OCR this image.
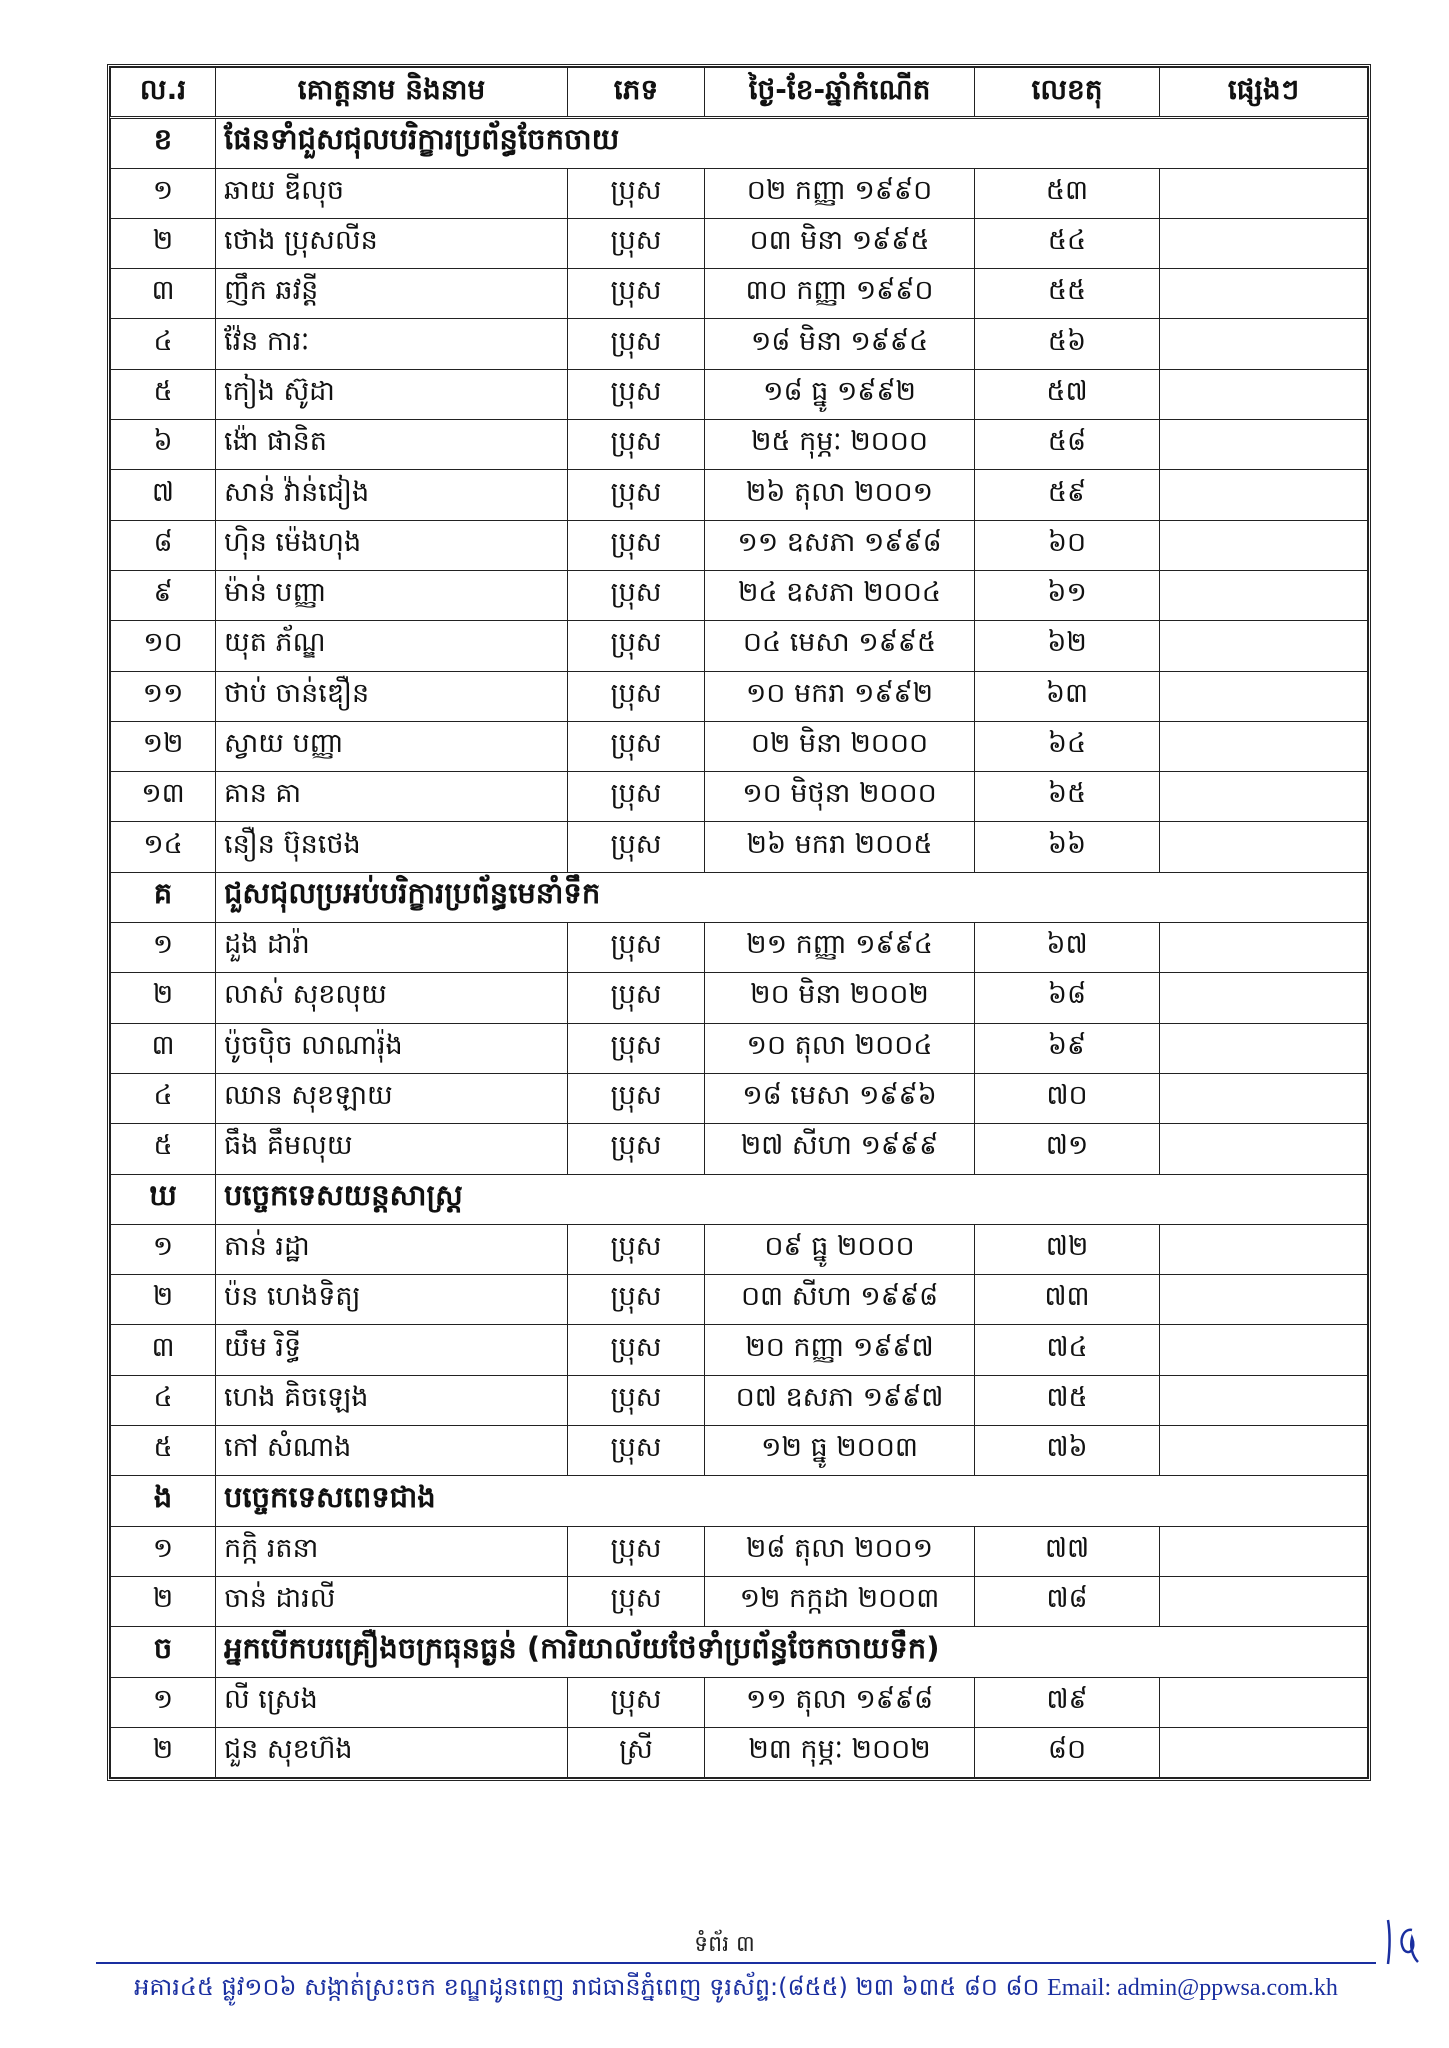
ល.រ	គោត្តនាម និងនាម	ភេទ	ថ្ងៃ-ខែ-ឆ្នាំកំណើត	លេខតុ	ផ្សេងៗ
ខ	ផែនទាំជួសជុលបរិក្ខារប្រព័ន្ធចែកចាយ				
១	ឆាយ ឌីលុច	ប្រុស	០២ កញ្ញា ១៩៩០	៥៣	
២	ថោង ប្រុសលីន	ប្រុស	០៣ មិនា ១៩៩៥	៥៤	
៣	ញឹក ឆវន្តី	ប្រុស	៣០ កញ្ញា ១៩៩០	៥៥	
៤	វ៉ែន ការៈ	ប្រុស	១៨ មិនា ១៩៩៤	៥៦	
៥	កៀង ស៊ូដា	ប្រុស	១៨ ធ្នូ ១៩៩២	៥៧	
៦	ង៉ោ ផានិត	ប្រុស	២៥ កុម្ភៈ ២០០០	៥៨	
៧	សាន់ វ៉ាន់ជៀង	ប្រុស	២៦ តុលា ២០០១	៥៩	
៨	ហ៊ិន ម៉េងហុង	ប្រុស	១១ ឧសភា ១៩៩៨	៦០	
៩	ម៉ាន់ បញ្ញា	ប្រុស	២៤ ឧសភា ២០០៤	៦១	
១០	យុត ភ័ណ្ឌ	ប្រុស	០៤ មេសា ១៩៩៥	៦២	
១១	ថាប់ ចាន់ឌឿន	ប្រុស	១០ មករា ១៩៩២	៦៣	
១២	ស្វាយ បញ្ញា	ប្រុស	០២ មិនា ២០០០	៦៤	
១៣	គាន គា	ប្រុស	១០ មិថុនា ២០០០	៦៥	
១៤	នឿន ប៊ុនថេង	ប្រុស	២៦ មករា ២០០៥	៦៦	
គ	ជួសជុលប្រអប់បរិក្ខារប្រព័ន្ធមេនាំទឹក				
១	ដួង ដារ៉ា	ប្រុស	២១ កញ្ញា ១៩៩៤	៦៧	
២	លាស់ សុខលុយ	ប្រុស	២០ មិនា ២០០២	៦៨	
៣	ប៉ូចប៉ិច លាណារ៉ុង	ប្រុស	១០ តុលា ២០០៤	៦៩	
៤	ឈាន សុខឡាយ	ប្រុស	១៨ មេសា ១៩៩៦	៧០	
៥	ធឹង គឹមលុយ	ប្រុស	២៧ សីហា ១៩៩៩	៧១	
ឃ	បច្ចេកទេសយន្តសាស្ត្រ				
១	តាន់ រដ្ឋា	ប្រុស	០៩ ធ្នូ ២០០០	៧២	
២	ប៉ន ហេងទិត្យ	ប្រុស	០៣ សីហា ១៩៩៨	៧៣	
៣	យឹម រិទ្ធី	ប្រុស	២០ កញ្ញា ១៩៩៧	៧៤	
៤	ហេង គិចឡេង	ប្រុស	០៧ ឧសភា ១៩៩៧	៧៥	
៥	កៅ សំណាង	ប្រុស	១២ ធ្នូ ២០០៣	៧៦	
ង	បច្ចេកទេសពេទជាង				
១	កក្កិ រតនា	ប្រុស	២៨ តុលា ២០០១	៧៧	
២	ចាន់ ដារលី	ប្រុស	១២ កក្កដា ២០០៣	៧៨	
ច	អ្នកបើកបរគ្រឿងចក្រធុនធ្ងន់ (ការិយាល័យថែទាំប្រព័ន្ធចែកចាយទឹក)				
១	លី ស្រេង	ប្រុស	១១ តុលា ១៩៩៨	៧៩	
២	ជួន សុខហ៊ង	ស្រី	២៣ កុម្ភៈ ២០០២	៨០	
ទំព័រ ៣
អគារ៤៥ ផ្លូវ១០៦ សង្កាត់ស្រះចក ខណ្ឌដូនពេញ រាជធានីភ្នំពេញ ទូរស័ព្ទ:(៨៥៥) ២៣ ៦៣៥ ៨០ ៨០ Email: admin@ppwsa.com.kh
